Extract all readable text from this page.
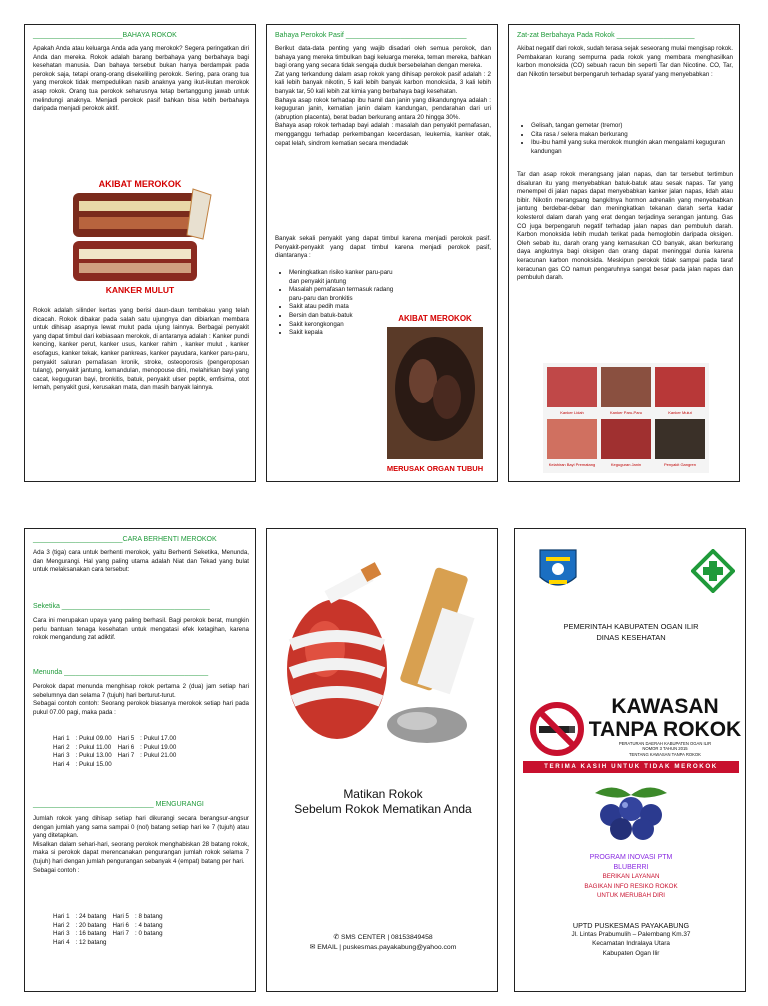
_______________________BAHAYA ROKOK
Apakah Anda atau keluarga Anda ada yang merokok? Segera peringatkan diri Anda dan mereka. Rokok adalah barang berbahaya yang berbahaya bagi kesehatan manusia. Dan bahaya tersebut bukan hanya berdampak pada perokok saja, tetapi orang-orang disekeliling perokok. Sering, para orang tua yang merokok tidak mempedulikan nasib anaknya yang ikut-ikutan merokok asap rokok. Orang tua perokok seharusnya tetap bertanggung jawab untuk melindungi anaknya. Menjadi perokok pasif bahkan bisa lebih berbahaya daripada menjadi perokok aktif.
AKIBAT MEROKOK
KANKER MULUT
Rokok adalah silinder kertas yang berisi daun-daun tembakau yang telah dicacah. Rokok dibakar pada salah satu ujungnya dan dibiarkan membara untuk dihisap asapnya lewat mulut pada ujung lainnya. Berbagai penyakit yang dapat timbul dari kebiasaan merokok, di antaranya adalah : Kanker pundi kencing, kanker perut, kanker usus, kanker rahim , kanker mulut , kanker esofagus, kanker tekak, kanker pankreas, kanker payudara, kanker paru-paru, penyakit saluran pernafasan kronik, stroke, osteoporosis (pengeroposan tulang), penyakit jantung, kemandulan, menopouse dini, melahirkan bayi yang cacat, keguguran bayi, bronkitis, batuk, penyakit ulser peptik, emfisima, otot lemah, penyakit gusi, kerusakan mata, dan masih banyak lainnya.
Bahaya Perokok Pasif _______________________________

Berikut data-data penting yang wajib disadari oleh semua perokok, dan bahaya yang mereka timbulkan bagi keluarga mereka, teman mereka, bahkan bagi orang yang secara tidak sengaja duduk bersebelahan dengan mereka.

Zat yang terkandung dalam asap rokok yang dihisap perokok pasif adalah : 2 kali lebih banyak nikotin, 5 kali lebih banyak karbon monoksida, 3 kali lebih banyak tar, 50 kali lebih zat kimia yang berbahaya bagi kesehatan.

Bahaya asap rokok terhadap ibu hamil dan janin yang dikandungnya adalah : keguguran janin, kematian janin dalam kandungan, pendarahan dari uri (abruption placenta), berat badan berkurang antara 20 hingga 30%.

Bahaya asap rokok terhadap bayi adalah : masalah dan penyakit pernafasan, mengganggu terhadap perkembangan kecerdasan, leukemia, kanker otak, cepat lelah, sindrom kematian secara mendadak

Banyak sekali penyakit yang dapat timbul karena menjadi perokok pasif. Penyakit-penyakit yang dapat timbul karena menjadi perokok pasif, diantaranya :
• Meningkatkan risiko kanker paru-paru dan penyakit jantung
• Masalah pernafasan termasuk radang paru-paru dan bronkitis
• Sakit atau pedih mata
• Bersin dan batuk-batuk
• Sakit kerongkongan
• Sakit kepala
AKIBAT MEROKOK
MERUSAK ORGAN TUBUH
Zat-zat Berbahaya Pada Rokok ____________________
Akibat negatif dari rokok, sudah terasa sejak seseorang mulai mengisap rokok. Pembakaran kurang sempurna pada rokok yang membara menghasilkan karbon monoksida (CO) sebuah racun bin seperti Tar dan Nicotine. CO, Tar, dan Nikotin tersebut berpengaruh terhadap syaraf yang menyebabkan :
• Gelisah, tangan gemetar (tremor)
• Cita rasa / selera makan berkurang
• Ibu-ibu hamil yang suka merokok mungkin akan mengalami keguguran kandungan
Tar dan asap rokok merangsang jalan napas, dan tar tersebut tertimbun disaluran itu yang menyebabkan batuk-batuk atau sesak napas. Tar yang menempel di jalan napas dapat menyebabkan kanker jalan napas, lidah atau bibir. Nikotin merangsang bangkitnya hormon adrenalin yang menyebabkan jantung berdebar-debar dan meningkatkan tekanan darah serta kadar kolesterol dalam darah yang erat dengan terjadinya serangan jantung. Gas CO juga berpengaruh negatif terhadap jalan napas dan pembuluh darah. Karbon monoksida lebih mudah terikat pada hemoglobin daripada oksigen. Oleh sebab itu, darah orang yang kemasukan CO banyak, akan berkurang daya angkutnya bagi oksigen dan orang dapat meninggal dunia karena keracunan karbon monoksida. Meskipun perokok tidak sampai pada taraf keracunan gas CO namun pengaruhnya sangat besar pada jalan napas dan pembuluh darah.
Kanker Lidah	Kanker Paru-Paru	Kanker Mulut
Kelahiran Bayi Prematang	Keguguran Janin	Penyakit Gangren
_______________________CARA BERHENTI MEROKOK
Ada 3 (tiga) cara untuk berhenti merokok, yaitu Berhenti Seketika, Menunda, dan Mengurangi. Hal yang paling utama adalah Niat dan Tekad yang bulat untuk melaksanakan cara tersebut:
Seketika ______________________________________
Cara ini merupakan upaya yang paling berhasil. Bagi perokok berat, mungkin perlu bantuan tenaga kesehatan untuk mengatasi efek ketagihan, karena rokok mengandung zat adiktif.
Menunda _____________________________________

Perokok dapat menunda menghisap rokok pertama 2 (dua) jam setiap hari sebelumnya dan selama 7 (tujuh) hari berturut-turut.

Sebagai contoh contoh: Seorang perokok biasanya merokok setiap hari pada pukul 07.00 pagi, maka pada :

Hari 1	: Pukul 09.00	Hari 5	: Pukul 17.00
Hari 2	: Pukul 11.00	Hari 6	: Pukul 19.00
Hari 3	: Pukul 13.00	Hari 7	: Pukul 21.00
Hari 4	: Pukul 15.00		
_______________________________ MENGURANGI

Jumlah rokok yang dihisap setiap hari dikurangi secara berangsur-angsur dengan jumlah yang sama sampai 0 (nol) batang setiap hari ke 7 (tujuh) atau yang ditetapkan.

Misalkan dalam sehari-hari, seorang perokok menghabiskan 28 batang rokok, maka si perokok dapat merencanakan pengurangan jumlah rokok selama 7 (tujuh) hari dengan jumlah pengurangan sebanyak 4 (empat) batang per hari.

Sebagai contoh :

Hari 1	: 24 batang	Hari 5	: 8 batang
Hari 2	: 20 batang	Hari 6	: 4 batang
Hari 3	: 16 batang	Hari 7	: 0 batang
Hari 4	: 12 batang		
Matikan Rokok
Sebelum Rokok Mematikan Anda
✆ SMS CENTER | 08153849458
✉ EMAIL | puskesmas.payakabung@yahoo.com
PEMERINTAH KABUPATEN OGAN ILIR
DINAS KESEHATAN
KAWASAN
TANPA ROKOK
PERATURAN DAERAH KABUPATEN OGAN ILIR
NOMOR 3 TAHUN 2015
TENTANG KAWASAN TANPA ROKOK
TERIMA KASIH UNTUK TIDAK MEROKOK
PROGRAM INOVASI PTM
BLUBERRI
BERIKAN LAYANAN
BAGIKAN INFO RESIKO ROKOK
UNTUK MERUBAH DIRI
UPTD PUSKESMAS PAYAKABUNG
Jl. Lintas Prabumulih – Palembang Km.37
Kecamatan Indralaya Utara
Kabupaten Ogan Ilir
